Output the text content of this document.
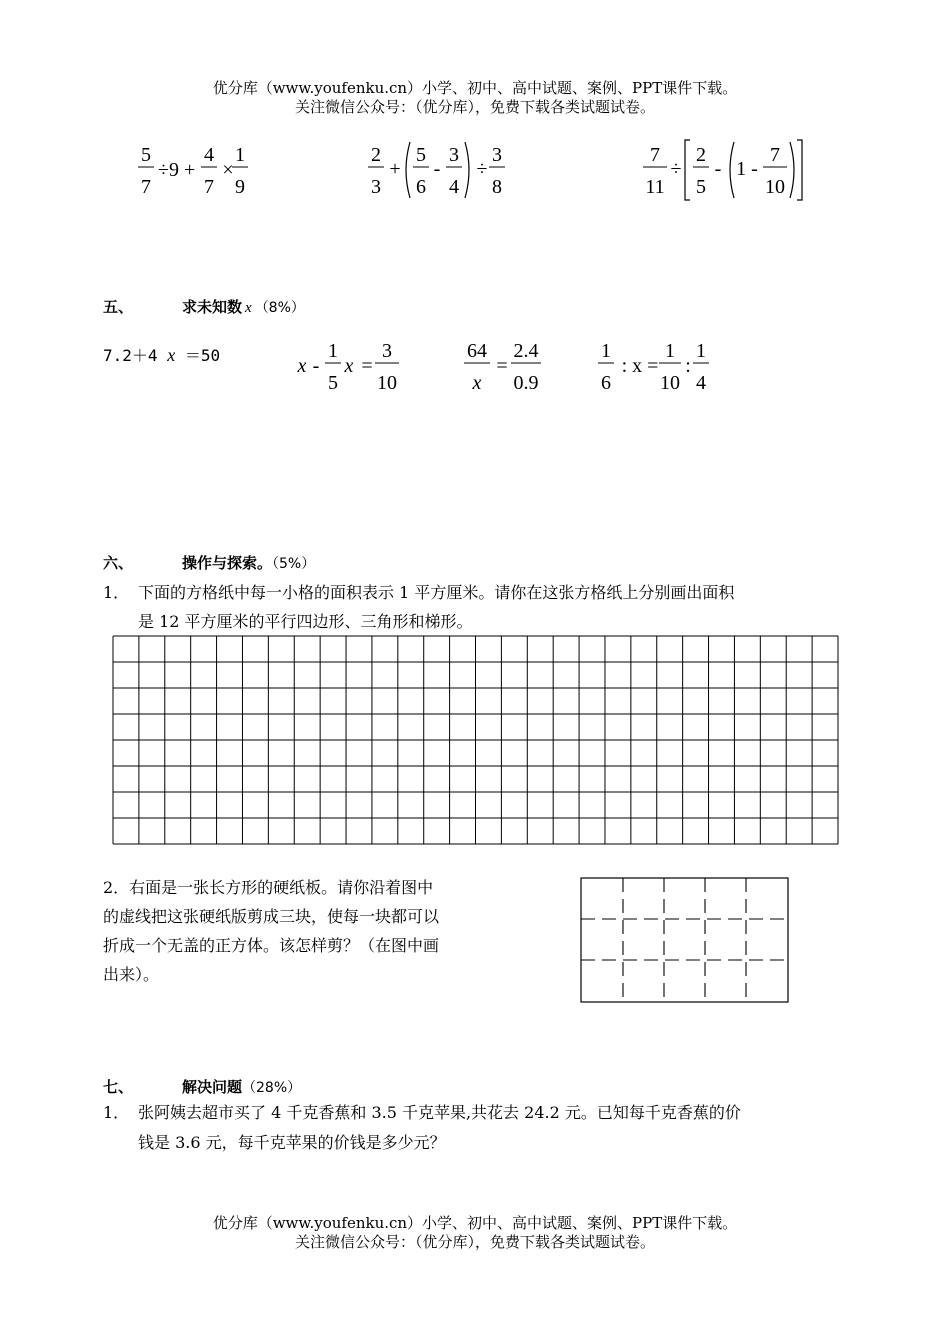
优分库（www.youfenku.cn）小学、初中、高中试题、案例、PPT课件下载。
关注微信公众号：（优分库），免费下载各类试题试卷。
5
7
÷9 +
4
7
×
1
9
2
3
+
5
6
-
3
4
÷
3
8
7
11
÷
2
5
- 1 -
7
10
五、	求未知数 x （8%）
7.2＋4 x ＝50	x -
1
5
x =
3
10
64
x
=
2.4
0.9
1
6
: x =
1
10
:
1
4
六、	操作与探索。（5%）
1． 下面的方格纸中每一小格的面积表示 1 平方厘米。请你在这张方格纸上分别画出面积
是 12 平方厘米的平行四边形、三角形和梯形。
2．右面是一张长方形的硬纸板。请你沿着图中
的虚线把这张硬纸版剪成三块，使每一块都可以
折成一个无盖的正方体。该怎样剪？（在图中画
出来）。
七、	解决问题（28%）
1． 张阿姨去超市买了 4 千克香蕉和 3.5 千克苹果,共花去 24.2 元。已知每千克香蕉的价
钱是 3.6 元，每千克苹果的价钱是多少元？
优分库（www.youfenku.cn）小学、初中、高中试题、案例、PPT课件下载。
关注微信公众号：（优分库），免费下载各类试题试卷。
